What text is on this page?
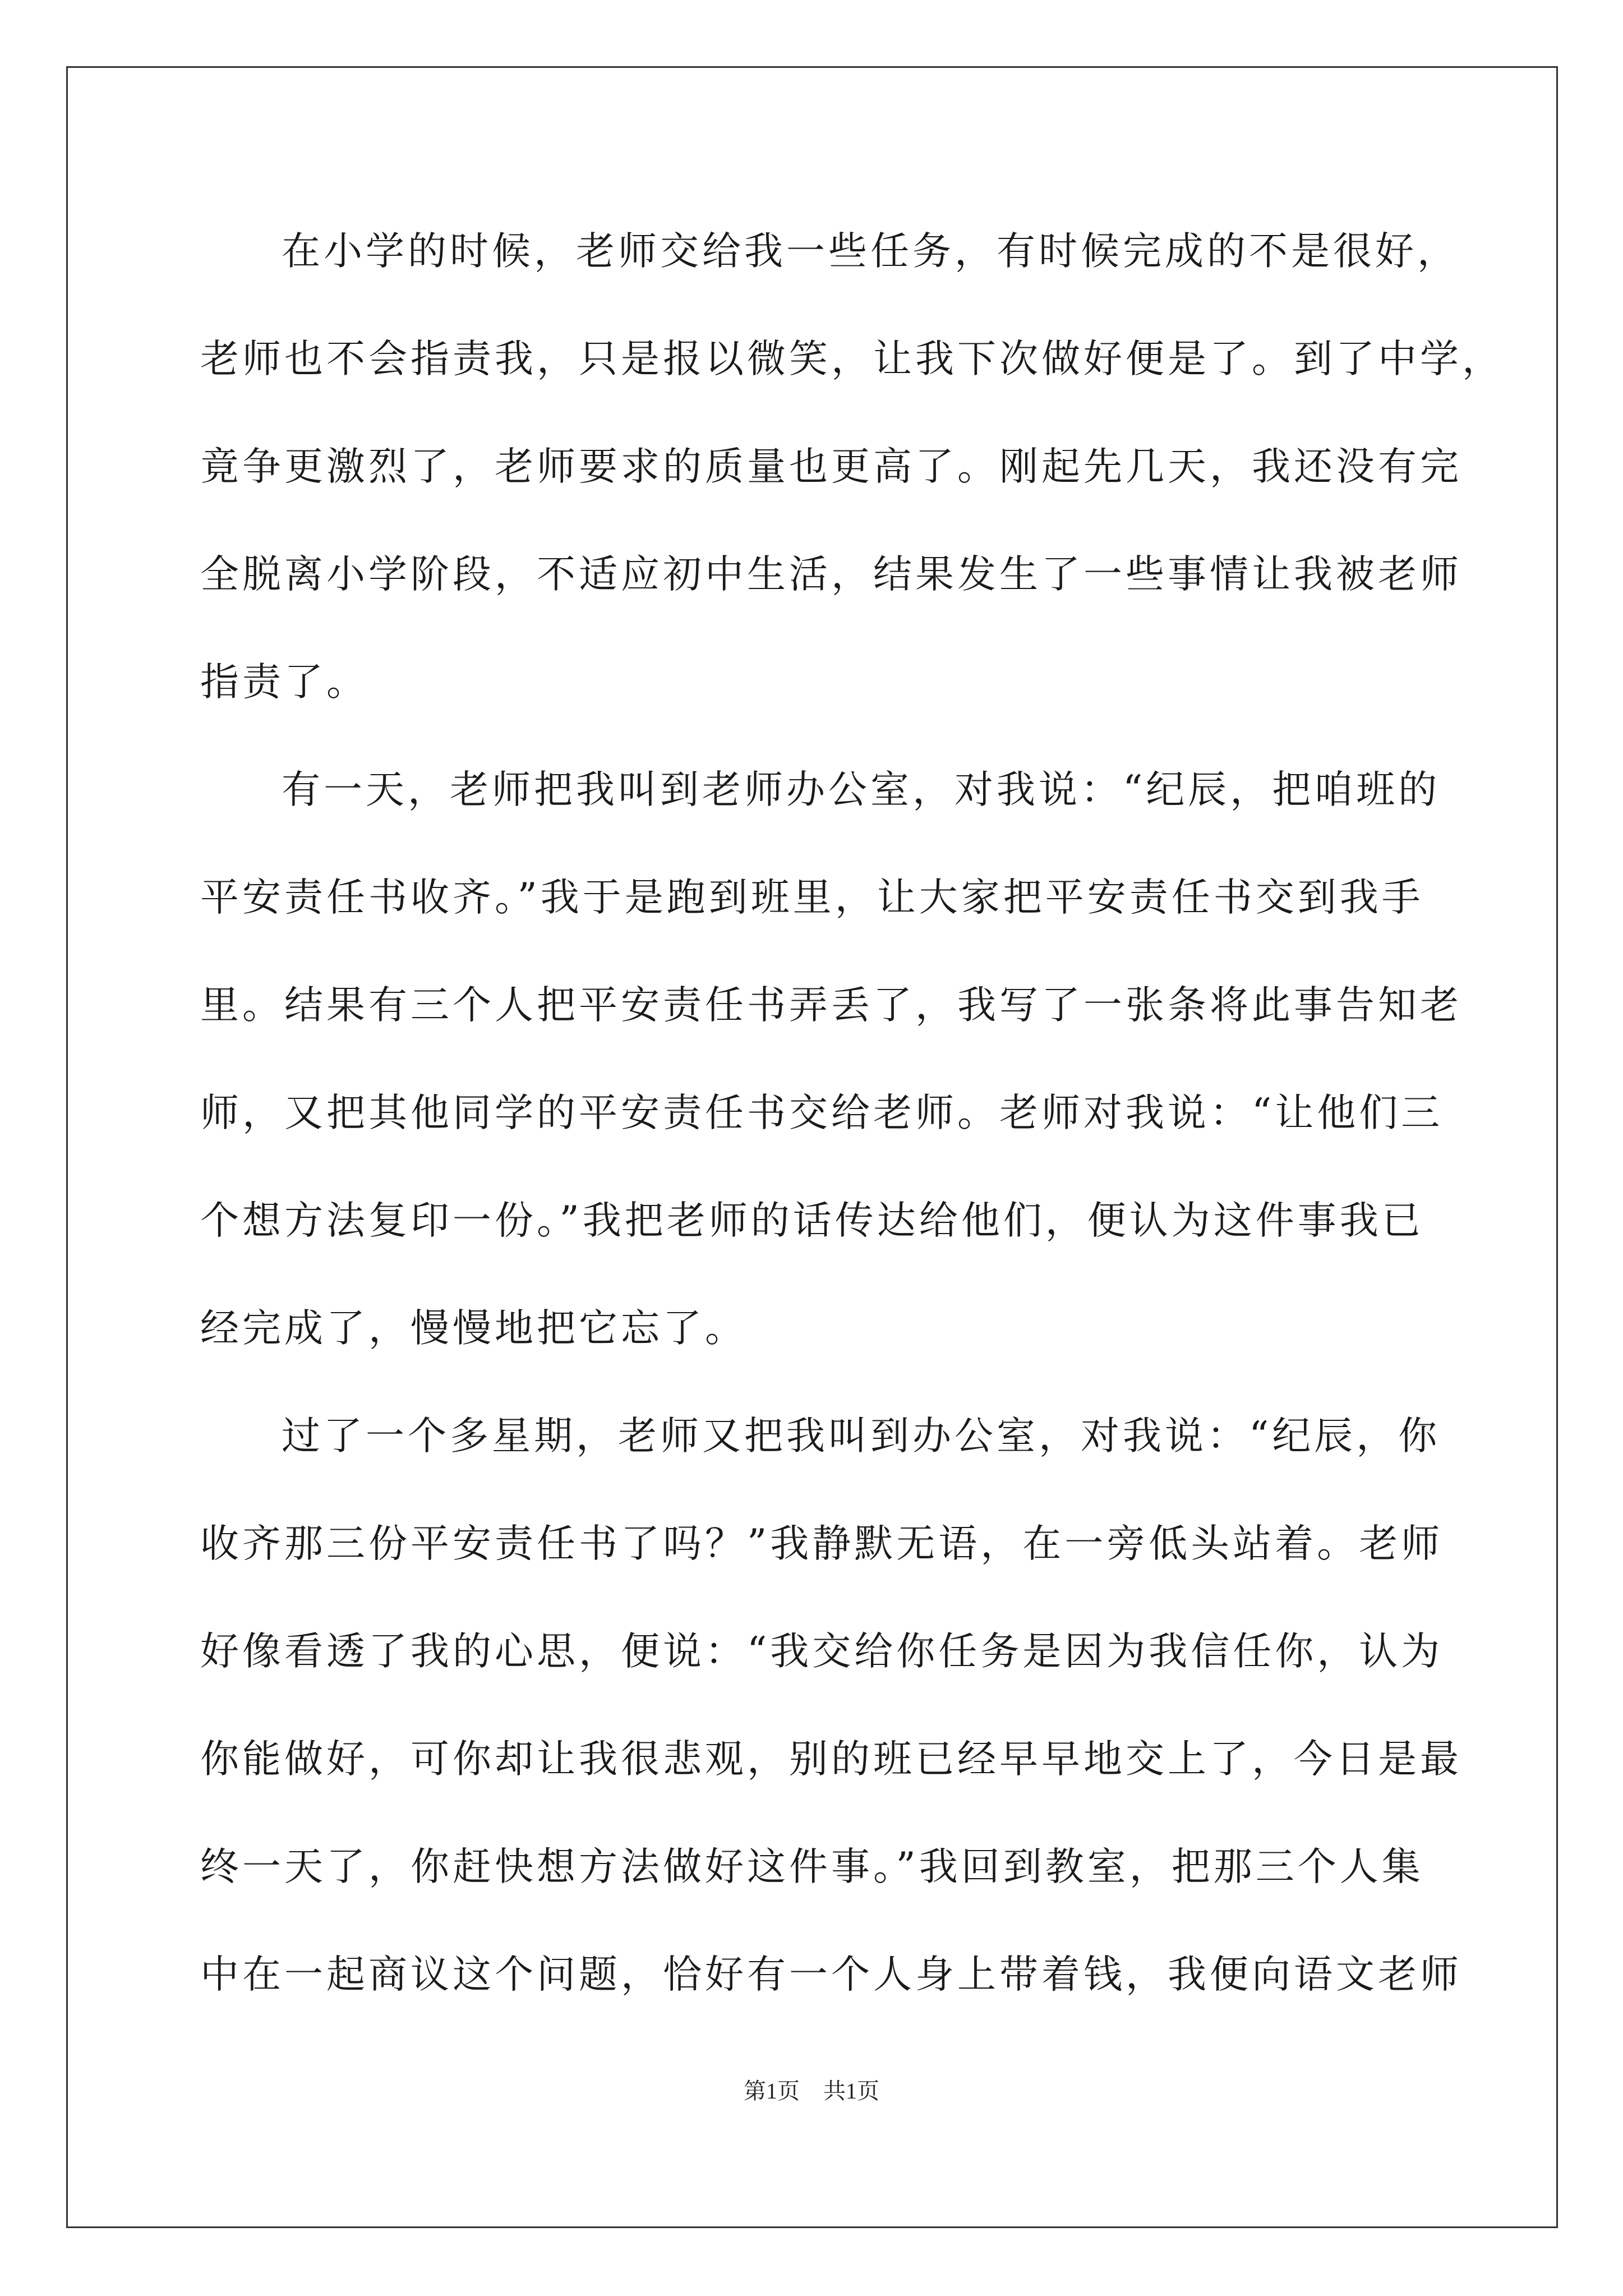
在小学的时候，老师交给我一些任务，有时候完成的不是很好，
老师也不会指责我，只是报以微笑，让我下次做好便是了。到了中学，
竟争更激烈了，老师要求的质量也更高了。刚起先几天，我还没有完
全脱离小学阶段，不适应初中生活，结果发生了一些事情让我被老师
指责了。
有一天，老师把我叫到老师办公室，对我说：“纪辰，把咱班的
平安责任书收齐。”我于是跑到班里，让大家把平安责任书交到我手
里。结果有三个人把平安责任书弄丢了，我写了一张条将此事告知老
师，又把其他同学的平安责任书交给老师。老师对我说：“让他们三
个想方法复印一份。”我把老师的话传达给他们，便认为这件事我已
经完成了，慢慢地把它忘了。
过了一个多星期，老师又把我叫到办公室，对我说：“纪辰，你
收齐那三份平安责任书了吗？”我静默无语，在一旁低头站着。老师
好像看透了我的心思，便说：“我交给你任务是因为我信任你，认为
你能做好，可你却让我很悲观，别的班已经早早地交上了，今日是最
终一天了，你赶快想方法做好这件事。”我回到教室，把那三个人集
中在一起商议这个问题，恰好有一个人身上带着钱，我便向语文老师
第1页 共1页
